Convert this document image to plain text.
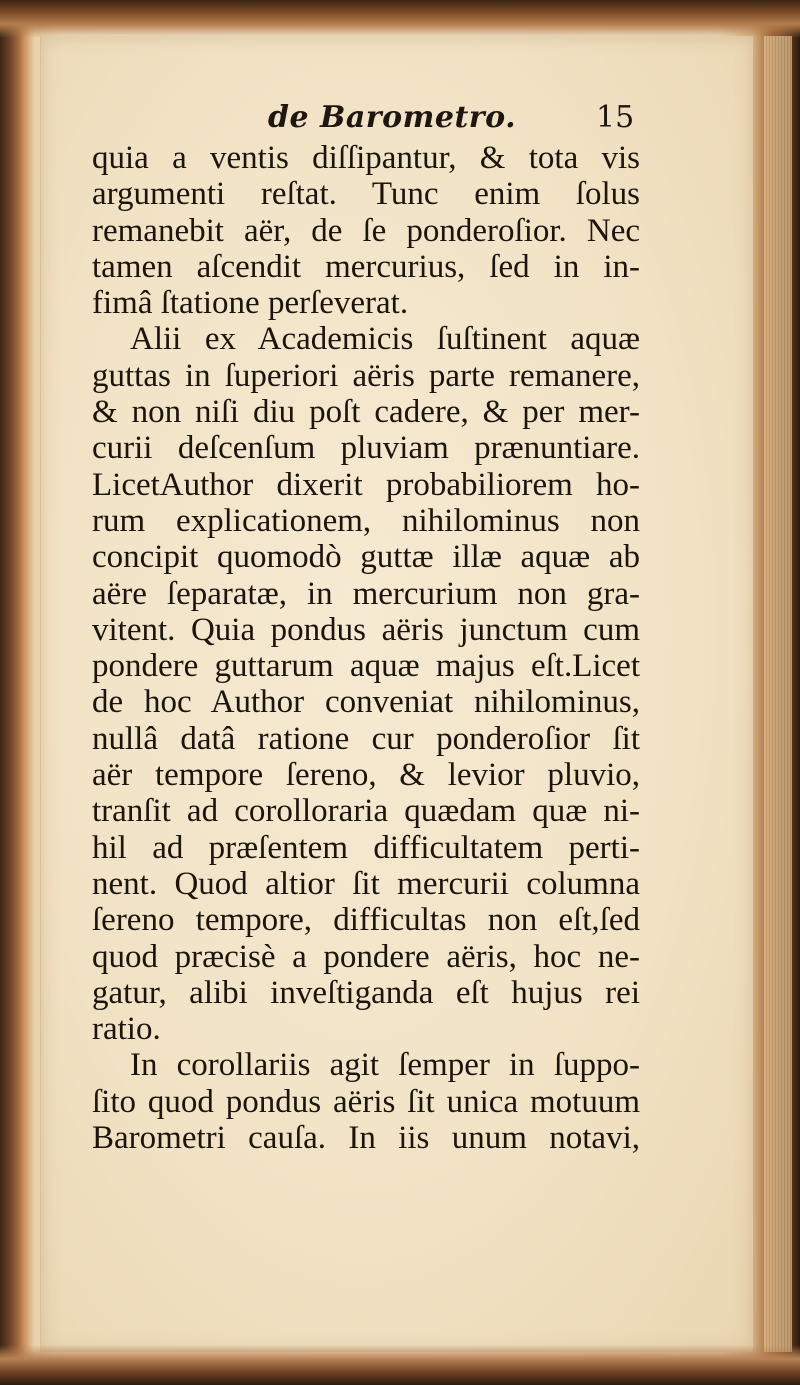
de Barometro.	15
quia a ventis diſſipantur, & tota vis
argumenti reſtat. Tunc enim ſolus
remanebit aër, de ſe ponderoſior. Nec
tamen aſcendit mercurius, ſed in in-
fimâ ſtatione perſeverat.
Alii ex Academicis ſuſtinent aquæ
guttas in ſuperiori aëris parte remanere,
& non niſi diu poſt cadere, & per mer-
curii deſcenſum pluviam prænuntiare.
LicetAuthor dixerit probabiliorem ho-
rum explicationem, nihilominus non
concipit quomodò guttæ illæ aquæ ab
aëre ſeparatæ, in mercurium non gra-
vitent. Quia pondus aëris junctum cum
pondere guttarum aquæ majus eſt.Licet
de hoc Author conveniat nihilominus,
nullâ datâ ratione cur ponderoſior ſit
aër tempore ſereno, & levior pluvio,
tranſit ad corolloraria quædam quæ ni-
hil ad præſentem difficultatem perti-
nent. Quod altior ſit mercurii columna
ſereno tempore, difficultas non eſt,ſed
quod præcisè a pondere aëris, hoc ne-
gatur, alibi inveſtiganda eſt hujus rei
ratio.
In corollariis agit ſemper in ſuppo-
ſito quod pondus aëris ſit unica motuum
Barometri cauſa. In iis unum notavi,
